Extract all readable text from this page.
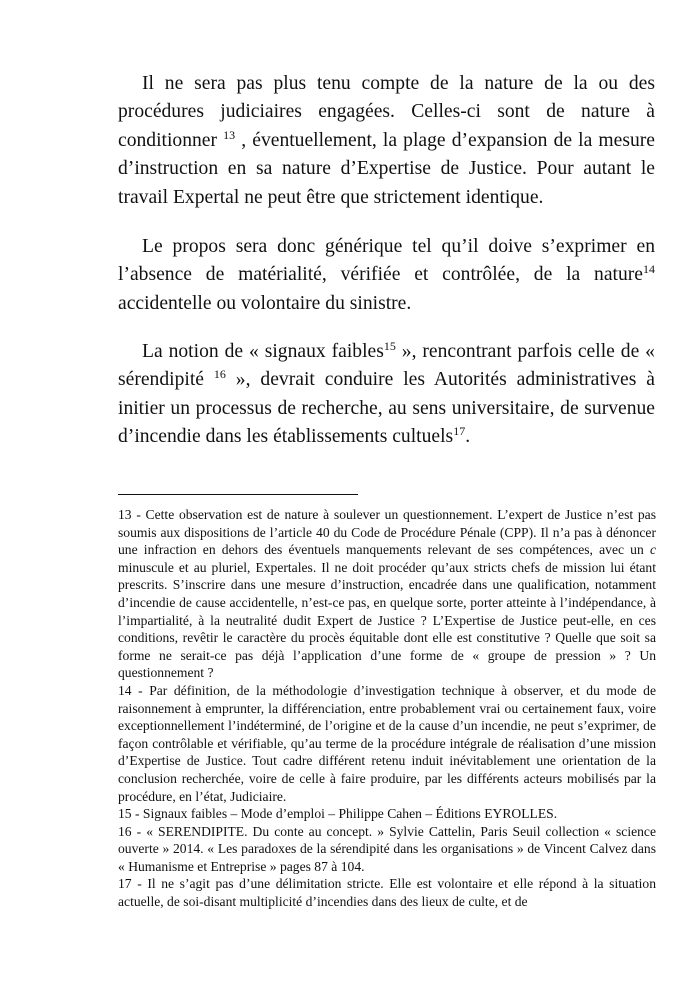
Il ne sera pas plus tenu compte de la nature de la ou des procédures judiciaires engagées. Celles-ci sont de nature à conditionner $^{13}$ , éventuellement, la plage d’expansion de la mesure d’instruction en sa nature d’Expertise de Justice. Pour autant le travail Expertal ne peut être que strictement identique.

Le propos sera donc générique tel qu’il doive s’exprimer en l’absence de matérialité, vérifiée et contrôlée, de la nature$^{14}$ accidentelle ou volontaire du sinistre.

La notion de « signaux faibles$^{15}$ », rencontrant parfois celle de « sérendipité $^{16}$ », devrait conduire les Autorités administratives à initier un processus de recherche, au sens universitaire, de survenue d’incendie dans les établissements cultuels$^{17}$.

13 - Cette observation est de nature à soulever un questionnement. L’expert de Justice n’est pas soumis aux dispositions de l’article 40 du Code de Procédure Pénale (CPP). Il n’a pas à dénoncer une infraction en dehors des éventuels manquements relevant de ses compétences, avec un c minuscule et au pluriel, Expertales. Il ne doit procéder qu’aux stricts chefs de mission lui étant prescrits. S’inscrire dans une mesure d’instruction, encadrée dans une qualification, notamment d’incendie de cause accidentelle, n’est-ce pas, en quelque sorte, porter atteinte à l’indépendance, à l’impartialité, à la neutralité dudit Expert de Justice ? L’Expertise de Justice peut-elle, en ces conditions, revêtir le caractère du procès équitable dont elle est constitutive ? Quelle que soit sa forme ne serait-ce pas déjà l’application d’une forme de « groupe de pression » ? Un questionnement ?

14 - Par définition, de la méthodologie d’investigation technique à observer, et du mode de raisonnement à emprunter, la différenciation, entre probablement vrai ou certainement faux, voire exceptionnellement l’indéterminé, de l’origine et de la cause d’un incendie, ne peut s’exprimer, de façon contrôlable et vérifiable, qu’au terme de la procédure intégrale de réalisation d’une mission d’Expertise de Justice. Tout cadre différent retenu induit inévitablement une orientation de la conclusion recherchée, voire de celle à faire produire, par les différents acteurs mobilisés par la procédure, en l’état, Judiciaire.

15 - Signaux faibles – Mode d’emploi – Philippe Cahen – Éditions EYROLLES.

16 - « SERENDIPITE. Du conte au concept. » Sylvie Cattelin, Paris Seuil collection « science ouverte » 2014. « Les paradoxes de la sérendipité dans les organisations » de Vincent Calvez dans « Humanisme et Entreprise » pages 87 à 104.

17 - Il ne s’agit pas d’une délimitation stricte. Elle est volontaire et elle répond à la situation actuelle, de soi-disant multiplicité d’incendies dans des lieux de culte, et de
